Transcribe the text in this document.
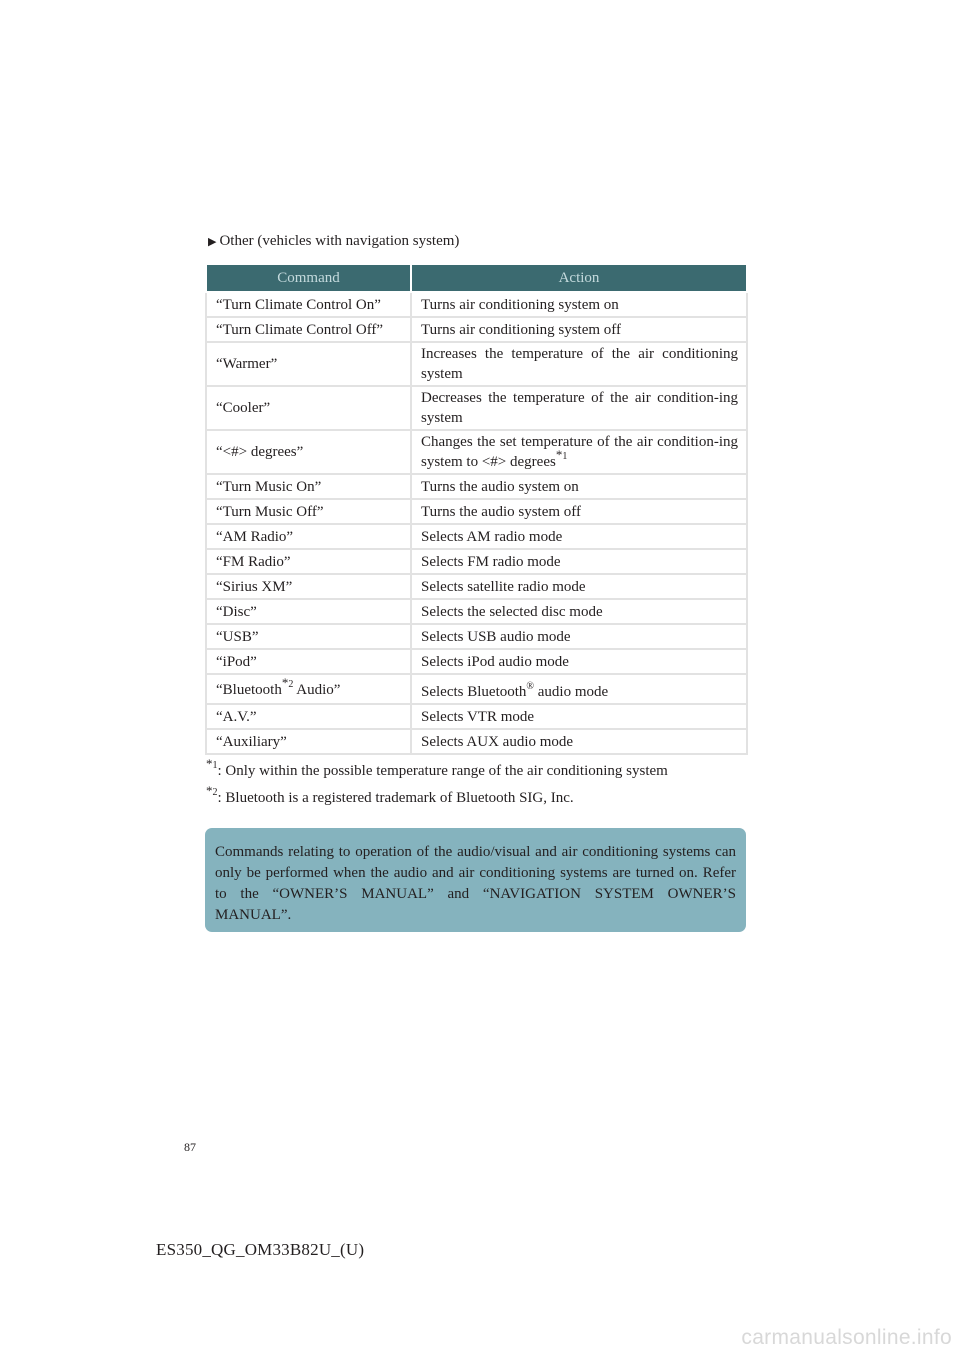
▶ Other (vehicles with navigation system)
Command	Action
“Turn Climate Control On”	Turns air conditioning system on
“Turn Climate Control Off”	Turns air conditioning system off
“Warmer”	Increases the temperature of the air conditioning system
“Cooler”	Decreases the temperature of the air condition-ing system
“<#> degrees”	Changes the set temperature of the air condition-ing system to <#> degrees$^{*1}$
“Turn Music On”	Turns the audio system on
“Turn Music Off”	Turns the audio system off
“AM Radio”	Selects AM radio mode
“FM Radio”	Selects FM radio mode
“Sirius XM”	Selects satellite radio mode
“Disc”	Selects the selected disc mode
“USB”	Selects USB audio mode
“iPod”	Selects iPod audio mode
“Bluetooth$^{*2}$ Audio”	Selects Bluetooth® audio mode
“A.V.”	Selects VTR mode
“Auxiliary”	Selects AUX audio mode
$^{*1}$: Only within the possible temperature range of the air conditioning system
$^{*2}$: Bluetooth is a registered trademark of Bluetooth SIG, Inc.
Commands relating to operation of the audio/visual and air conditioning systems can only be performed when the audio and air conditioning systems are turned on. Refer to the “OWNER’S MANUAL” and “NAVIGATION SYSTEM OWNER’S MANUAL”.
87
ES350_QG_OM33B82U_(U)
carmanualsonline.info
